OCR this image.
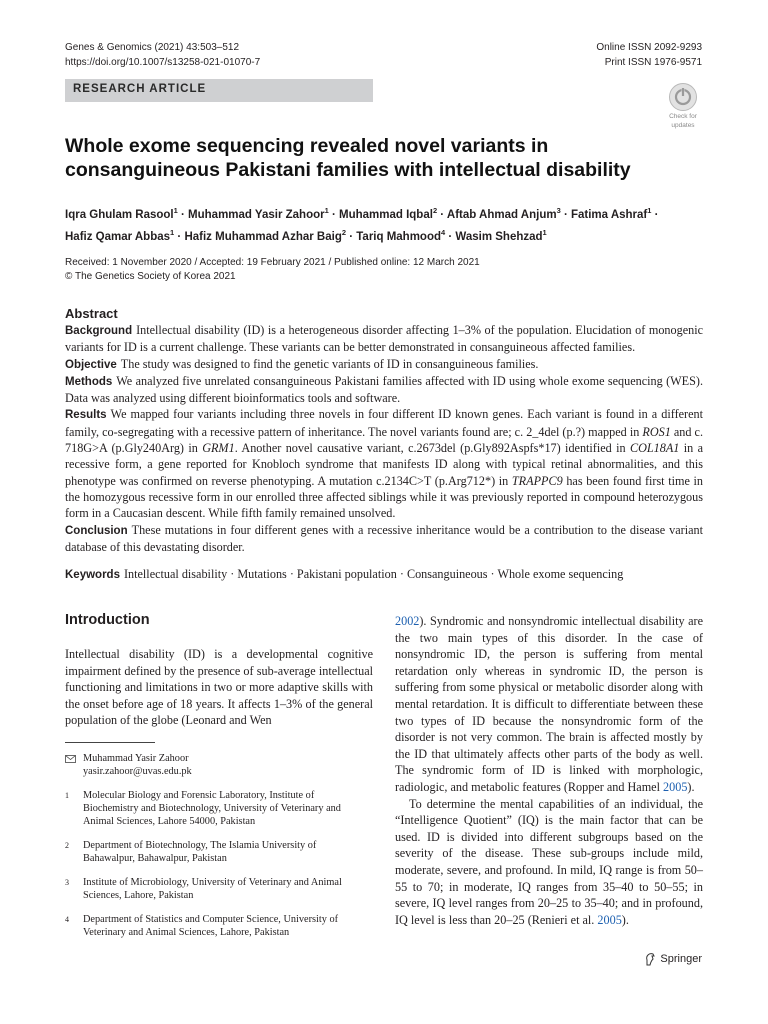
Genes & Genomics (2021) 43:503–512
https://doi.org/10.1007/s13258-021-01070-7
Online ISSN 2092-9293
Print ISSN 1976-9571
RESEARCH ARTICLE
Check for
updates
Whole exome sequencing revealed novel variants in consanguineous Pakistani families with intellectual disability
Iqra Ghulam Rasool$^1$ · Muhammad Yasir Zahoor$^1$ · Muhammad Iqbal$^2$ · Aftab Ahmad Anjum$^3$ · Fatima Ashraf$^1$ ·
Hafiz Qamar Abbas$^1$ · Hafiz Muhammad Azhar Baig$^2$ · Tariq Mahmood$^4$ · Wasim Shehzad$^1$
Received: 1 November 2020 / Accepted: 19 February 2021 / Published online: 12 March 2021
© The Genetics Society of Korea 2021
Abstract

Background Intellectual disability (ID) is a heterogeneous disorder affecting 1–3% of the population. Elucidation of monogenic variants for ID is a current challenge. These variants can be better demonstrated in consanguineous affected families.

Objective The study was designed to find the genetic variants of ID in consanguineous families.

Methods We analyzed five unrelated consanguineous Pakistani families affected with ID using whole exome sequencing (WES). Data was analyzed using different bioinformatics tools and software.

Results We mapped four variants including three novels in four different ID known genes. Each variant is found in a different family, co-segregating with a recessive pattern of inheritance. The novel variants found are; c. 2_4del (p.?) mapped in ROS1 and c. 718G>A (p.Gly240Arg) in GRM1. Another novel causative variant, c.2673del (p.Gly892Aspfs*17) identified in COL18A1 in a recessive form, a gene reported for Knobloch syndrome that manifests ID along with typical retinal abnormalities, and this phenotype was confirmed on reverse phenotyping. A mutation c.2134C>T (p.Arg712*) in TRAPPC9 has been found first time in the homozygous recessive form in our enrolled three affected siblings while it was previously reported in compound heterozygous form in a Caucasian descent. While fifth family remained unsolved.

Conclusion These mutations in four different genes with a recessive inheritance would be a contribution to the disease variant database of this devastating disorder.

Keywords Intellectual disability · Mutations · Pakistani population · Consanguineous · Whole exome sequencing
Introduction

Intellectual disability (ID) is a developmental cognitive impairment defined by the presence of sub-average intellectual functioning and limitations in two or more adaptive skills with the onset before age of 18 years. It affects 1–3% of the general population of the globe (Leonard and Wen

2002). Syndromic and nonsyndromic intellectual disability are the two main types of this disorder. In the case of nonsyndromic ID, the person is suffering from mental retardation only whereas in syndromic ID, the person is suffering from some physical or metabolic disorder along with mental retardation. It is difficult to differentiate between these two types of ID because the nonsyndromic form of the disorder is not very common. The brain is affected mostly by the ID that ultimately affects other parts of the body as well. The syndromic form of ID is linked with morphologic, radiologic, and metabolic features (Ropper and Hamel 2005).

To determine the mental capabilities of an individual, the “Intelligence Quotient” (IQ) is the main factor that can be used. ID is divided into different subgroups based on the severity of the disease. These sub-groups include mild, moderate, severe, and profound. In mild, IQ range is from 50–55 to 70; in moderate, IQ ranges from 35–40 to 50–55; in severe, IQ level ranges from 20–25 to 35–40; and in profound, IQ level is less than 20–25 (Renieri et al. 2005).

Muhammad Yasir Zahoor
yasir.zahoor@uvas.edu.pk
1	Molecular Biology and Forensic Laboratory, Institute of Biochemistry and Biotechnology, University of Veterinary and Animal Sciences, Lahore 54000, Pakistan
2	Department of Biotechnology, The Islamia University of Bahawalpur, Bahawalpur, Pakistan
3	Institute of Microbiology, University of Veterinary and Animal Sciences, Lahore, Pakistan
4	Department of Statistics and Computer Science, University of Veterinary and Animal Sciences, Lahore, Pakistan
Springer
